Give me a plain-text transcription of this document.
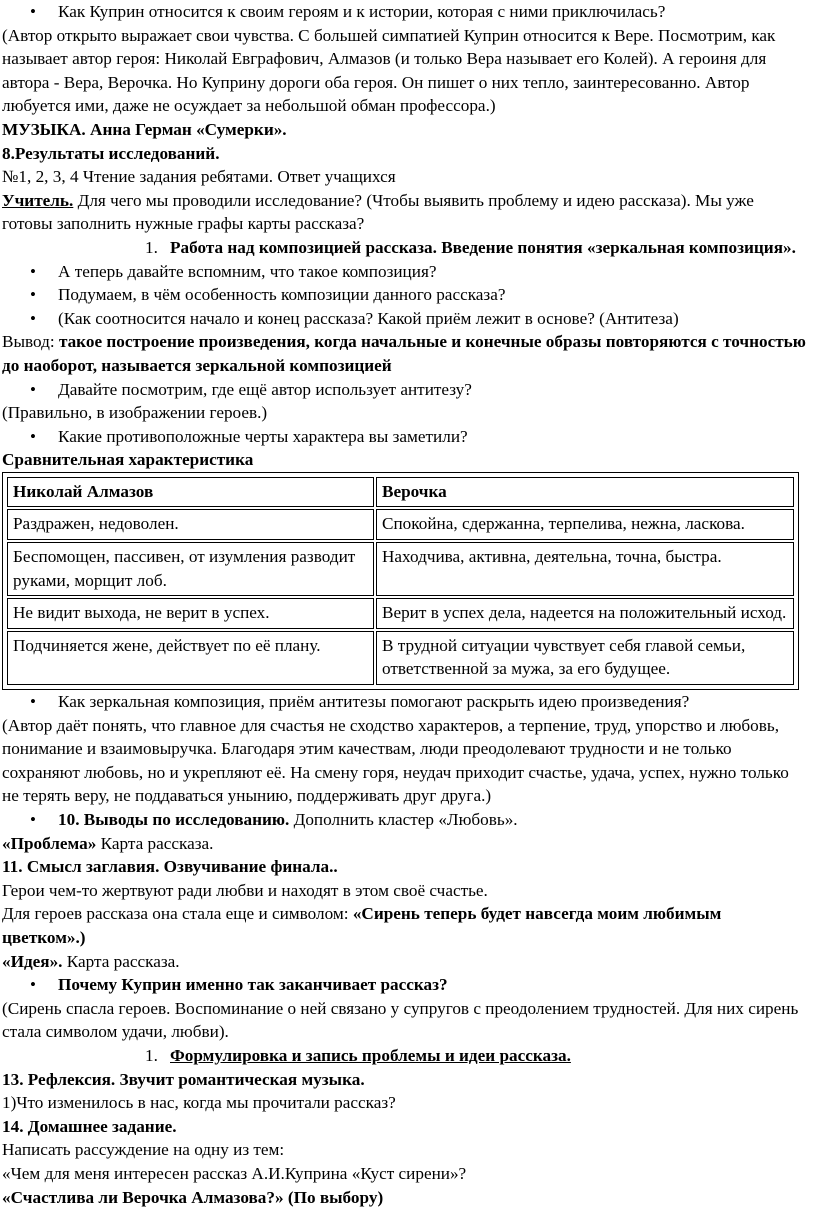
• Как Куприн относится к своим героям и к истории, которая с ними приключилась?

(Автор открыто выражает свои чувства. С большей симпатией Куприн относится к Вере. Посмотрим, как называет автор героя: Николай Евграфович, Алмазов (и только Вера называет его Колей). А героиня для автора - Вера, Верочка. Но Куприну дороги оба героя. Он пишет о них тепло, заинтересованно. Автор любуется ими, даже не осуждает за небольшой обман профессора.)

МУЗЫКА. Анна Герман «Сумерки».

8.Результаты исследований.

№1, 2, 3, 4 Чтение задания ребятами. Ответ учащихся

Учитель. Для чего мы проводили исследование? (Чтобы выявить проблему и идею рассказа). Мы уже готовы заполнить нужные графы карты рассказа?

1. Работа над композицией рассказа. Введение понятия «зеркальная композиция».

• А теперь давайте вспомним, что такое композиция?

• Подумаем, в чём особенность композиции данного рассказа?

• (Как соотносится начало и конец рассказа? Какой приём лежит в основе? (Антитеза)

Вывод: такое построение произведения, когда начальные и конечные образы повторяются с точностью до наоборот, называется зеркальной композицией

• Давайте посмотрим, где ещё автор использует антитезу?

(Правильно, в изображении героев.)

• Какие противоположные черты характера вы заметили?

Сравнительная характеристика

Николай Алмазов	Верочка
Раздражен, недоволен.	Спокойна, сдержанна, терпелива, нежна, ласкова.
Беспомощен, пассивен, от изумления разводит руками, морщит лоб.	Находчива, активна, деятельна, точна, быстра.
Не видит выхода, не верит в успех.	Верит в успех дела, надеется на положительный исход.
Подчиняется жене, действует по её плану.	В трудной ситуации чувствует себя главой семьи, ответственной за мужа, за его будущее.

• Как зеркальная композиция, приём антитезы помогают раскрыть идею произведения?

(Автор даёт понять, что главное для счастья не сходство характеров, а терпение, труд, упорство и любовь, понимание и взаимовыручка. Благодаря этим качествам, люди преодолевают трудности и не только сохраняют любовь, но и укрепляют её. На смену горя, неудач приходит счастье, удача, успех, нужно только не терять веру, не поддаваться унынию, поддерживать друг друга.)

• 10. Выводы по исследованию. Дополнить кластер «Любовь».

«Проблема» Карта рассказа.

11. Смысл заглавия. Озвучивание финала..

Герои чем-то жертвуют ради любви и находят в этом своё счастье.

Для героев рассказа она стала еще и символом: «Сирень теперь будет навсегда моим любимым цветком».)

«Идея». Карта рассказа.

• Почему Куприн именно так заканчивает рассказ?

(Сирень спасла героев. Воспоминание о ней связано у супругов с преодолением трудностей. Для них сирень стала символом удачи, любви).

1. Формулировка и запись проблемы и идеи рассказа.

13. Рефлексия. Звучит романтическая музыка.

1)Что изменилось в нас, когда мы прочитали рассказ?

14. Домашнее задание.

Написать рассуждение на одну из тем:

«Чем для меня интересен рассказ А.И.Куприна «Куст сирени»?

«Счастлива ли Верочка Алмазова?» (По выбору)
